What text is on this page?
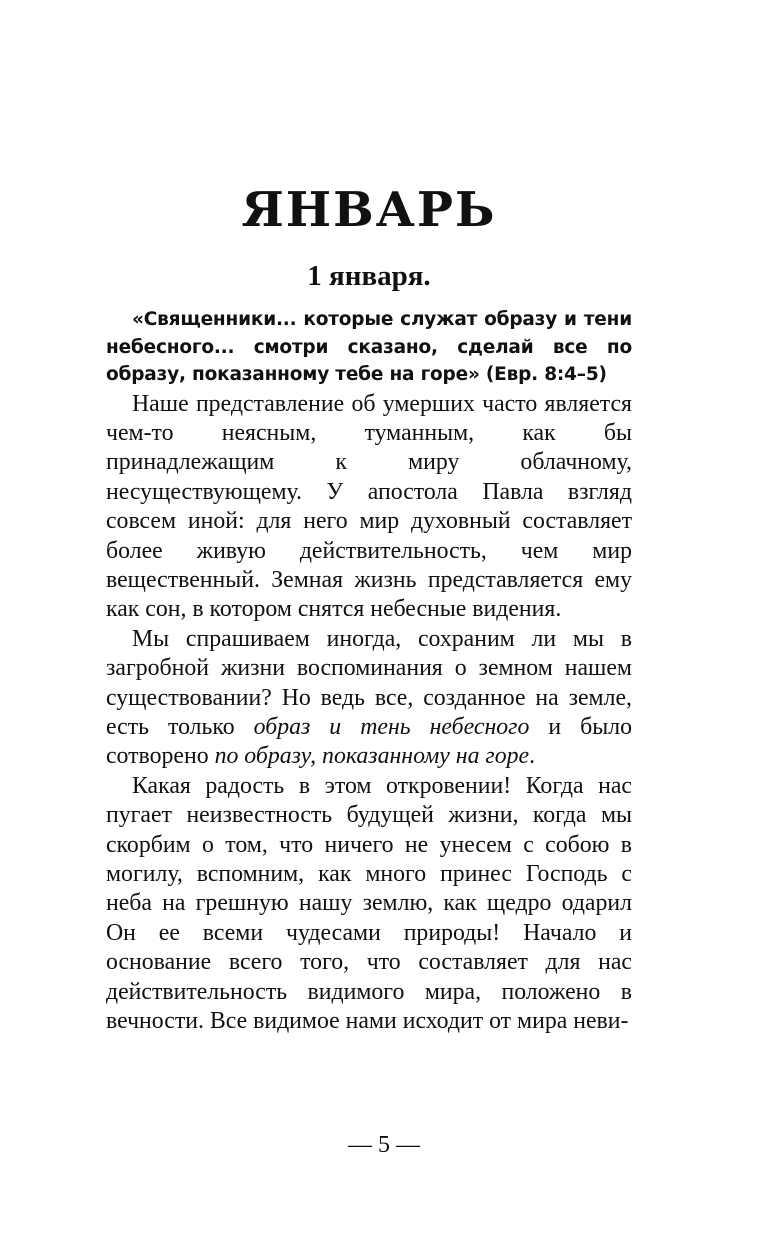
ЯНВАРЬ
1 января.

«Священники... которые служат образу и тени небесного... смотри сказано, сделай все по образу, показанному тебе на горе» (Евр. 8:4–5)

Наше представление об умерших часто является чем-то неясным, туманным, как бы принадлежащим к миру облачному, несуществующему. У апостола Павла взгляд совсем иной: для него мир духовный составляет более живую действительность, чем мир вещественный. Земная жизнь представляется ему как сон, в котором снятся небесные видения.

Мы спрашиваем иногда, сохраним ли мы в загробной жизни воспоминания о земном нашем существовании? Но ведь все, созданное на земле, есть только образ и тень небесного и было сотворено по образу, показанному на горе.

Какая радость в этом откровении! Когда нас пугает неизвестность будущей жизни, когда мы скорбим о том, что ничего не унесем с собою в могилу, вспомним, как много принес Господь с неба на грешную нашу землю, как щедро одарил Он ее всеми чудесами природы! Начало и основание всего того, что составляет для нас действительность видимого мира, положено в вечности. Все видимое нами исходит от мира неви-

— 5 —
